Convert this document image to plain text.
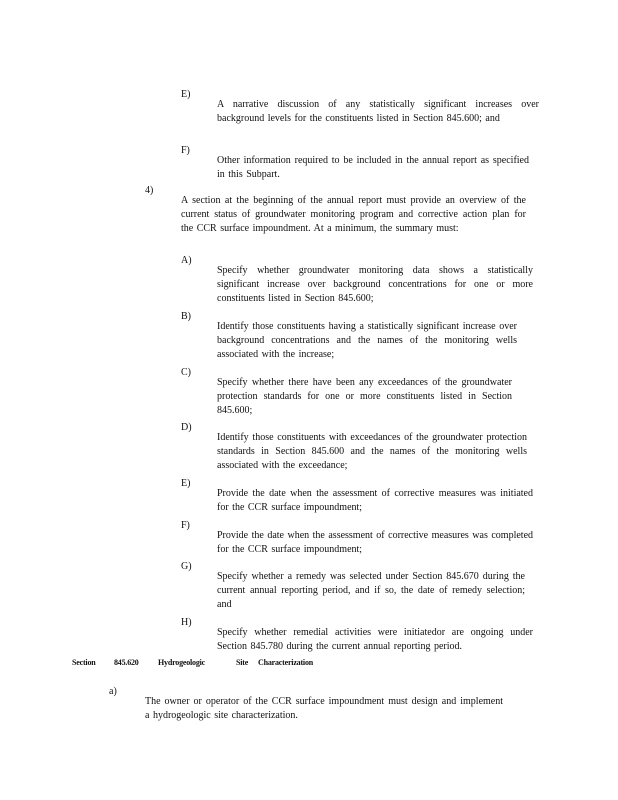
E)

A narrative discussion of any statistically significant increases over background levels for the constituents listed in Section 845.600; and

F)

Other information required to be included in the annual report as specified in this Subpart.

4)

A section at the beginning of the annual report must provide an overview of the current status of groundwater monitoring program and corrective action plan for the CCR surface impoundment. At a minimum, the summary must:

A)

Specify whether groundwater monitoring data shows a statistically significant increase over background concentrations for one or more constituents listed in Section 845.600;

B)

Identify those constituents having a statistically significant increase over background concentrations and the names of the monitoring wells associated with the increase;

C)

Specify whether there have been any exceedances of the groundwater protection standards for one or more constituents listed in Section 845.600;

D)

Identify those constituents with exceedances of the groundwater protection standards in Section 845.600 and the names of the monitoring wells associated with the exceedance;

E)

Provide the date when the assessment of corrective measures was initiated for the CCR surface impoundment;

F)

Provide the date when the assessment of corrective measures was completed for the CCR surface impoundment;

G)

Specify whether a remedy was selected under Section 845.670 during the current annual reporting period, and if so, the date of remedy selection; and

H)

Specify whether remedial activities were initiatedor are ongoing under Section 845.780 during the current annual reporting period.

Section 845.620 Hydrogeologic	Site Characterization
a)

The owner or operator of the CCR surface impoundment must design and implement a hydrogeologic site characterization.
